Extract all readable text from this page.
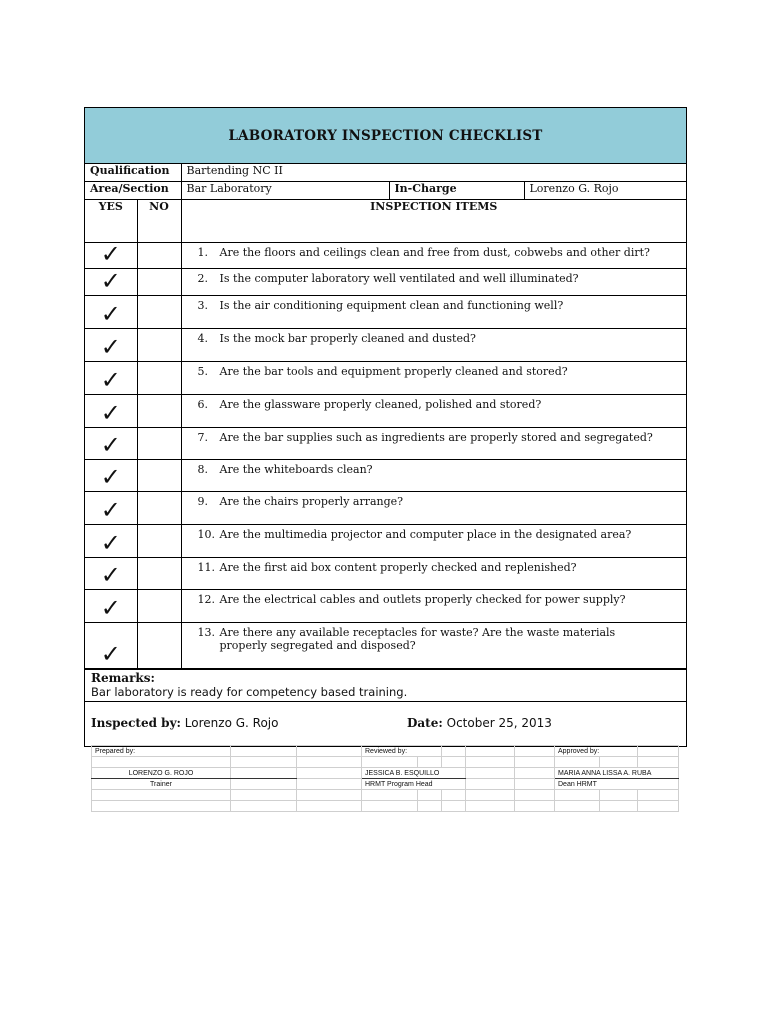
LABORATORY INSPECTION CHECKLIST
Qualification	Bartending NC II		
Area/Section	Bar Laboratory	In-Charge	Lorenzo G. Rojo
YES	NO	INSPECTION ITEMS
✓		1. Are the floors and ceilings clean and free from dust, cobwebs and other dirt?
✓		2. Is the computer laboratory well ventilated and well illuminated?
✓		3. Is the air conditioning equipment clean and functioning well?
✓		4. Is the mock bar properly cleaned and dusted?
✓		5. Are the bar tools and equipment properly cleaned and stored?
✓		6. Are the glassware properly cleaned, polished and stored?
✓		7. Are the bar supplies such as ingredients are properly stored and segregated?
✓		8. Are the whiteboards clean?
✓		9. Are the chairs properly arrange?
✓		10. Are the multimedia projector and computer place in the designated area?
✓		11. Are the first aid box content properly checked and replenished?
✓		12. Are the electrical cables and outlets properly checked for power supply?
✓		13. Are there any available receptacles for waste? Are the waste materials properly segregated and disposed?
Remarks:
Bar laboratory is ready for competency based training.
Inspected by: Lorenzo G. Rojo	Date: October 25, 2013
Prepared by:			Reviewed by:					Approved by:		

LORENZO G. ROJO			JESSICA B. ESQUILLO					MARIA ANNA LISSA A. RUBA		
Trainer			HRMT Program Head					Dean HRMT		
